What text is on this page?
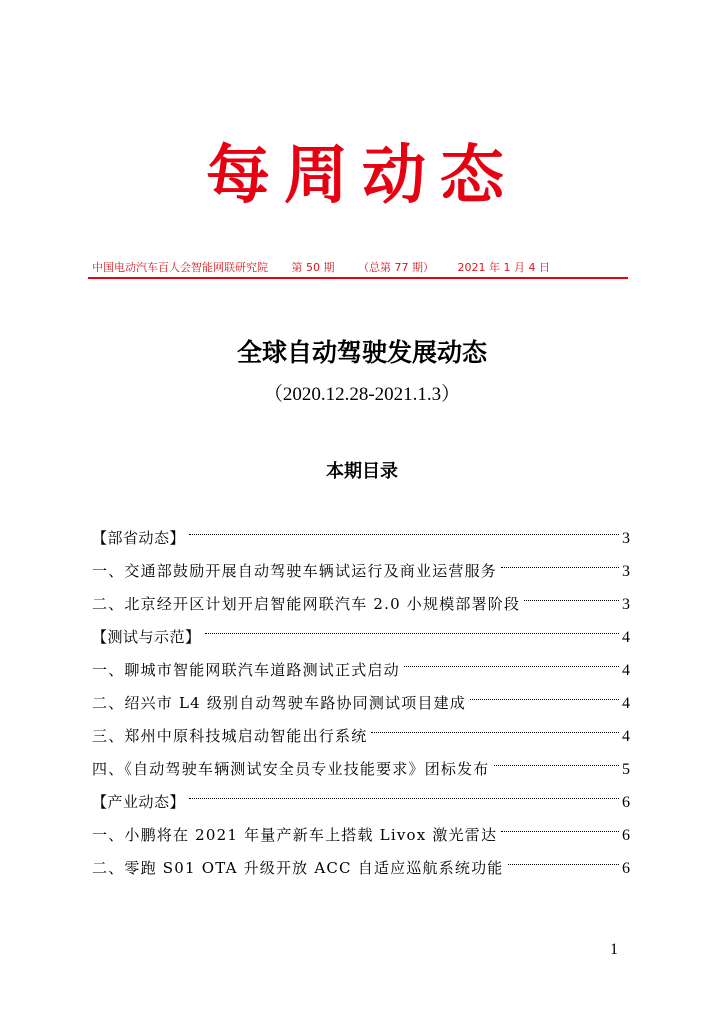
每周动态
中国电动汽车百人会智能网联研究院 第 50 期 （总第 77 期） 2021 年 1 月 4 日
全球自动驾驶发展动态
（2020.12.28-2021.1.3）
本期目录
【部省动态】	3
一、交通部鼓励开展自动驾驶车辆试运行及商业运营服务	3
二、北京经开区计划开启智能网联汽车 2.0 小规模部署阶段	3
【测试与示范】	4
一、聊城市智能网联汽车道路测试正式启动	4
二、绍兴市 L4 级别自动驾驶车路协同测试项目建成	4
三、郑州中原科技城启动智能出行系统	4
四、《自动驾驶车辆测试安全员专业技能要求》团标发布	5
【产业动态】	6
一、小鹏将在 2021 年量产新车上搭载 Livox 激光雷达	6
二、零跑 S01 OTA 升级开放 ACC 自适应巡航系统功能	6
1
